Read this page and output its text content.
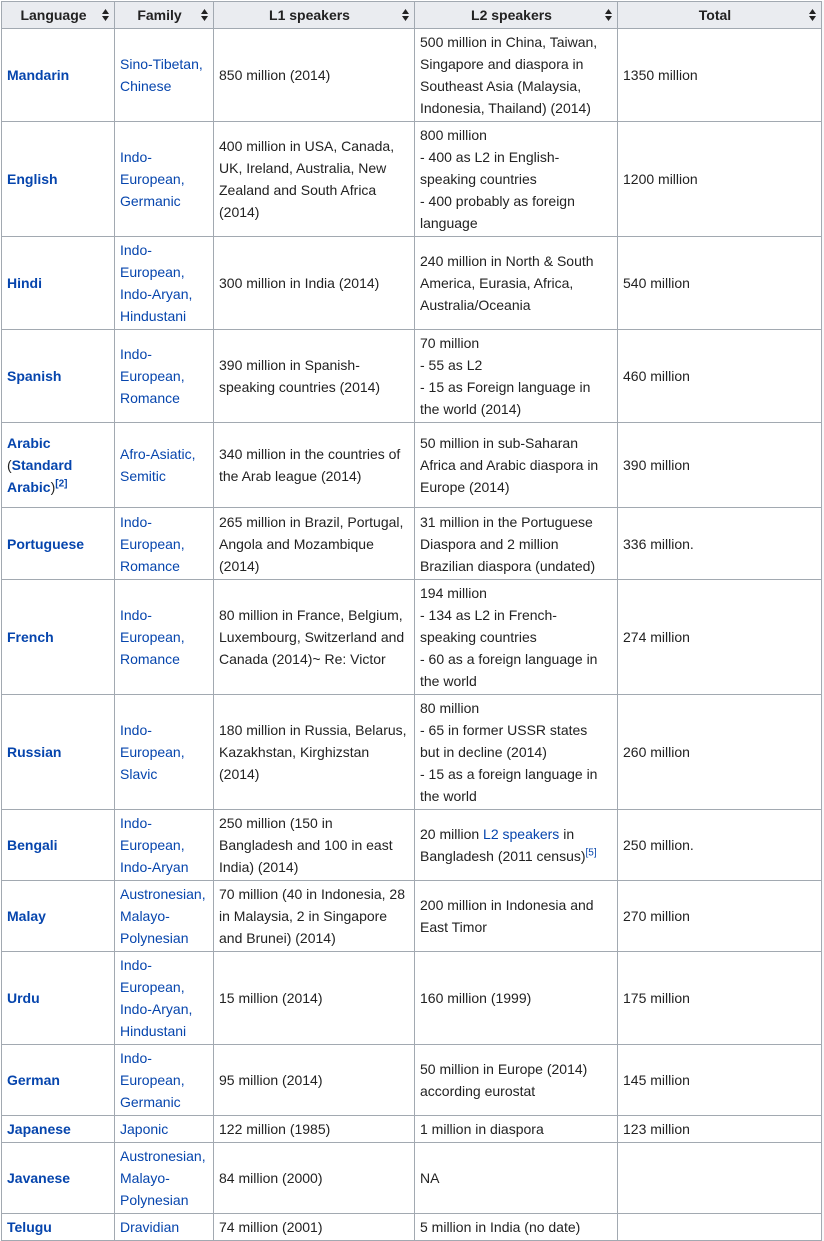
Language	Family	L1 speakers	L2 speakers	Total

Mandarin	Sino-Tibetan,
Chinese	850 million (2014)	500 million in China, Taiwan,
Singapore and diaspora in
Southeast Asia (Malaysia,
Indonesia, Thailand) (2014)	1350 million
English	Indo-
European,
Germanic	400 million in USA, Canada,
UK, Ireland, Australia, New
Zealand and South Africa
(2014)	800 million
- 400 as L2 in English-
speaking countries
- 400 probably as foreign
language	1200 million
Hindi	Indo-
European,
Indo-Aryan,
Hindustani	300 million in India (2014)	240 million in North & South
America, Eurasia, Africa,
Australia/Oceania	540 million
Spanish	Indo-
European,
Romance	390 million in Spanish-
speaking countries (2014)	70 million
- 55 as L2
- 15 as Foreign language in
the world (2014)	460 million
Arabic
(Standard
Arabic)[2]	Afro-Asiatic,
Semitic	340 million in the countries of
the Arab league (2014)	50 million in sub-Saharan
Africa and Arabic diaspora in
Europe (2014)	390 million
Portuguese	Indo-
European,
Romance	265 million in Brazil, Portugal,
Angola and Mozambique
(2014)	31 million in the Portuguese
Diaspora and 2 million
Brazilian diaspora (undated)	336 million.
French	Indo-
European,
Romance	80 million in France, Belgium,
Luxembourg, Switzerland and
Canada (2014)~ Re: Victor	194 million
- 134 as L2 in French-
speaking countries
- 60 as a foreign language in
the world	274 million
Russian	Indo-
European,
Slavic	180 million in Russia, Belarus,
Kazakhstan, Kirghizstan
(2014)	80 million
- 65 in former USSR states
but in decline (2014)
- 15 as a foreign language in
the world	260 million
Bengali	Indo-
European,
Indo-Aryan	250 million (150 in
Bangladesh and 100 in east
India) (2014)	20 million L2 speakers in
Bangladesh (2011 census)[5]	250 million.
Malay	Austronesian,
Malayo-
Polynesian	70 million (40 in Indonesia, 28
in Malaysia, 2 in Singapore
and Brunei) (2014)	200 million in Indonesia and
East Timor	270 million
Urdu	Indo-
European,
Indo-Aryan,
Hindustani	15 million (2014)	160 million (1999)	175 million
German	Indo-
European,
Germanic	95 million (2014)	50 million in Europe (2014)
according eurostat	145 million
Japanese	Japonic	122 million (1985)	1 million in diaspora	123 million
Javanese	Austronesian,
Malayo-
Polynesian	84 million (2000)	NA	
Telugu	Dravidian	74 million (2001)	5 million in India (no date)	
